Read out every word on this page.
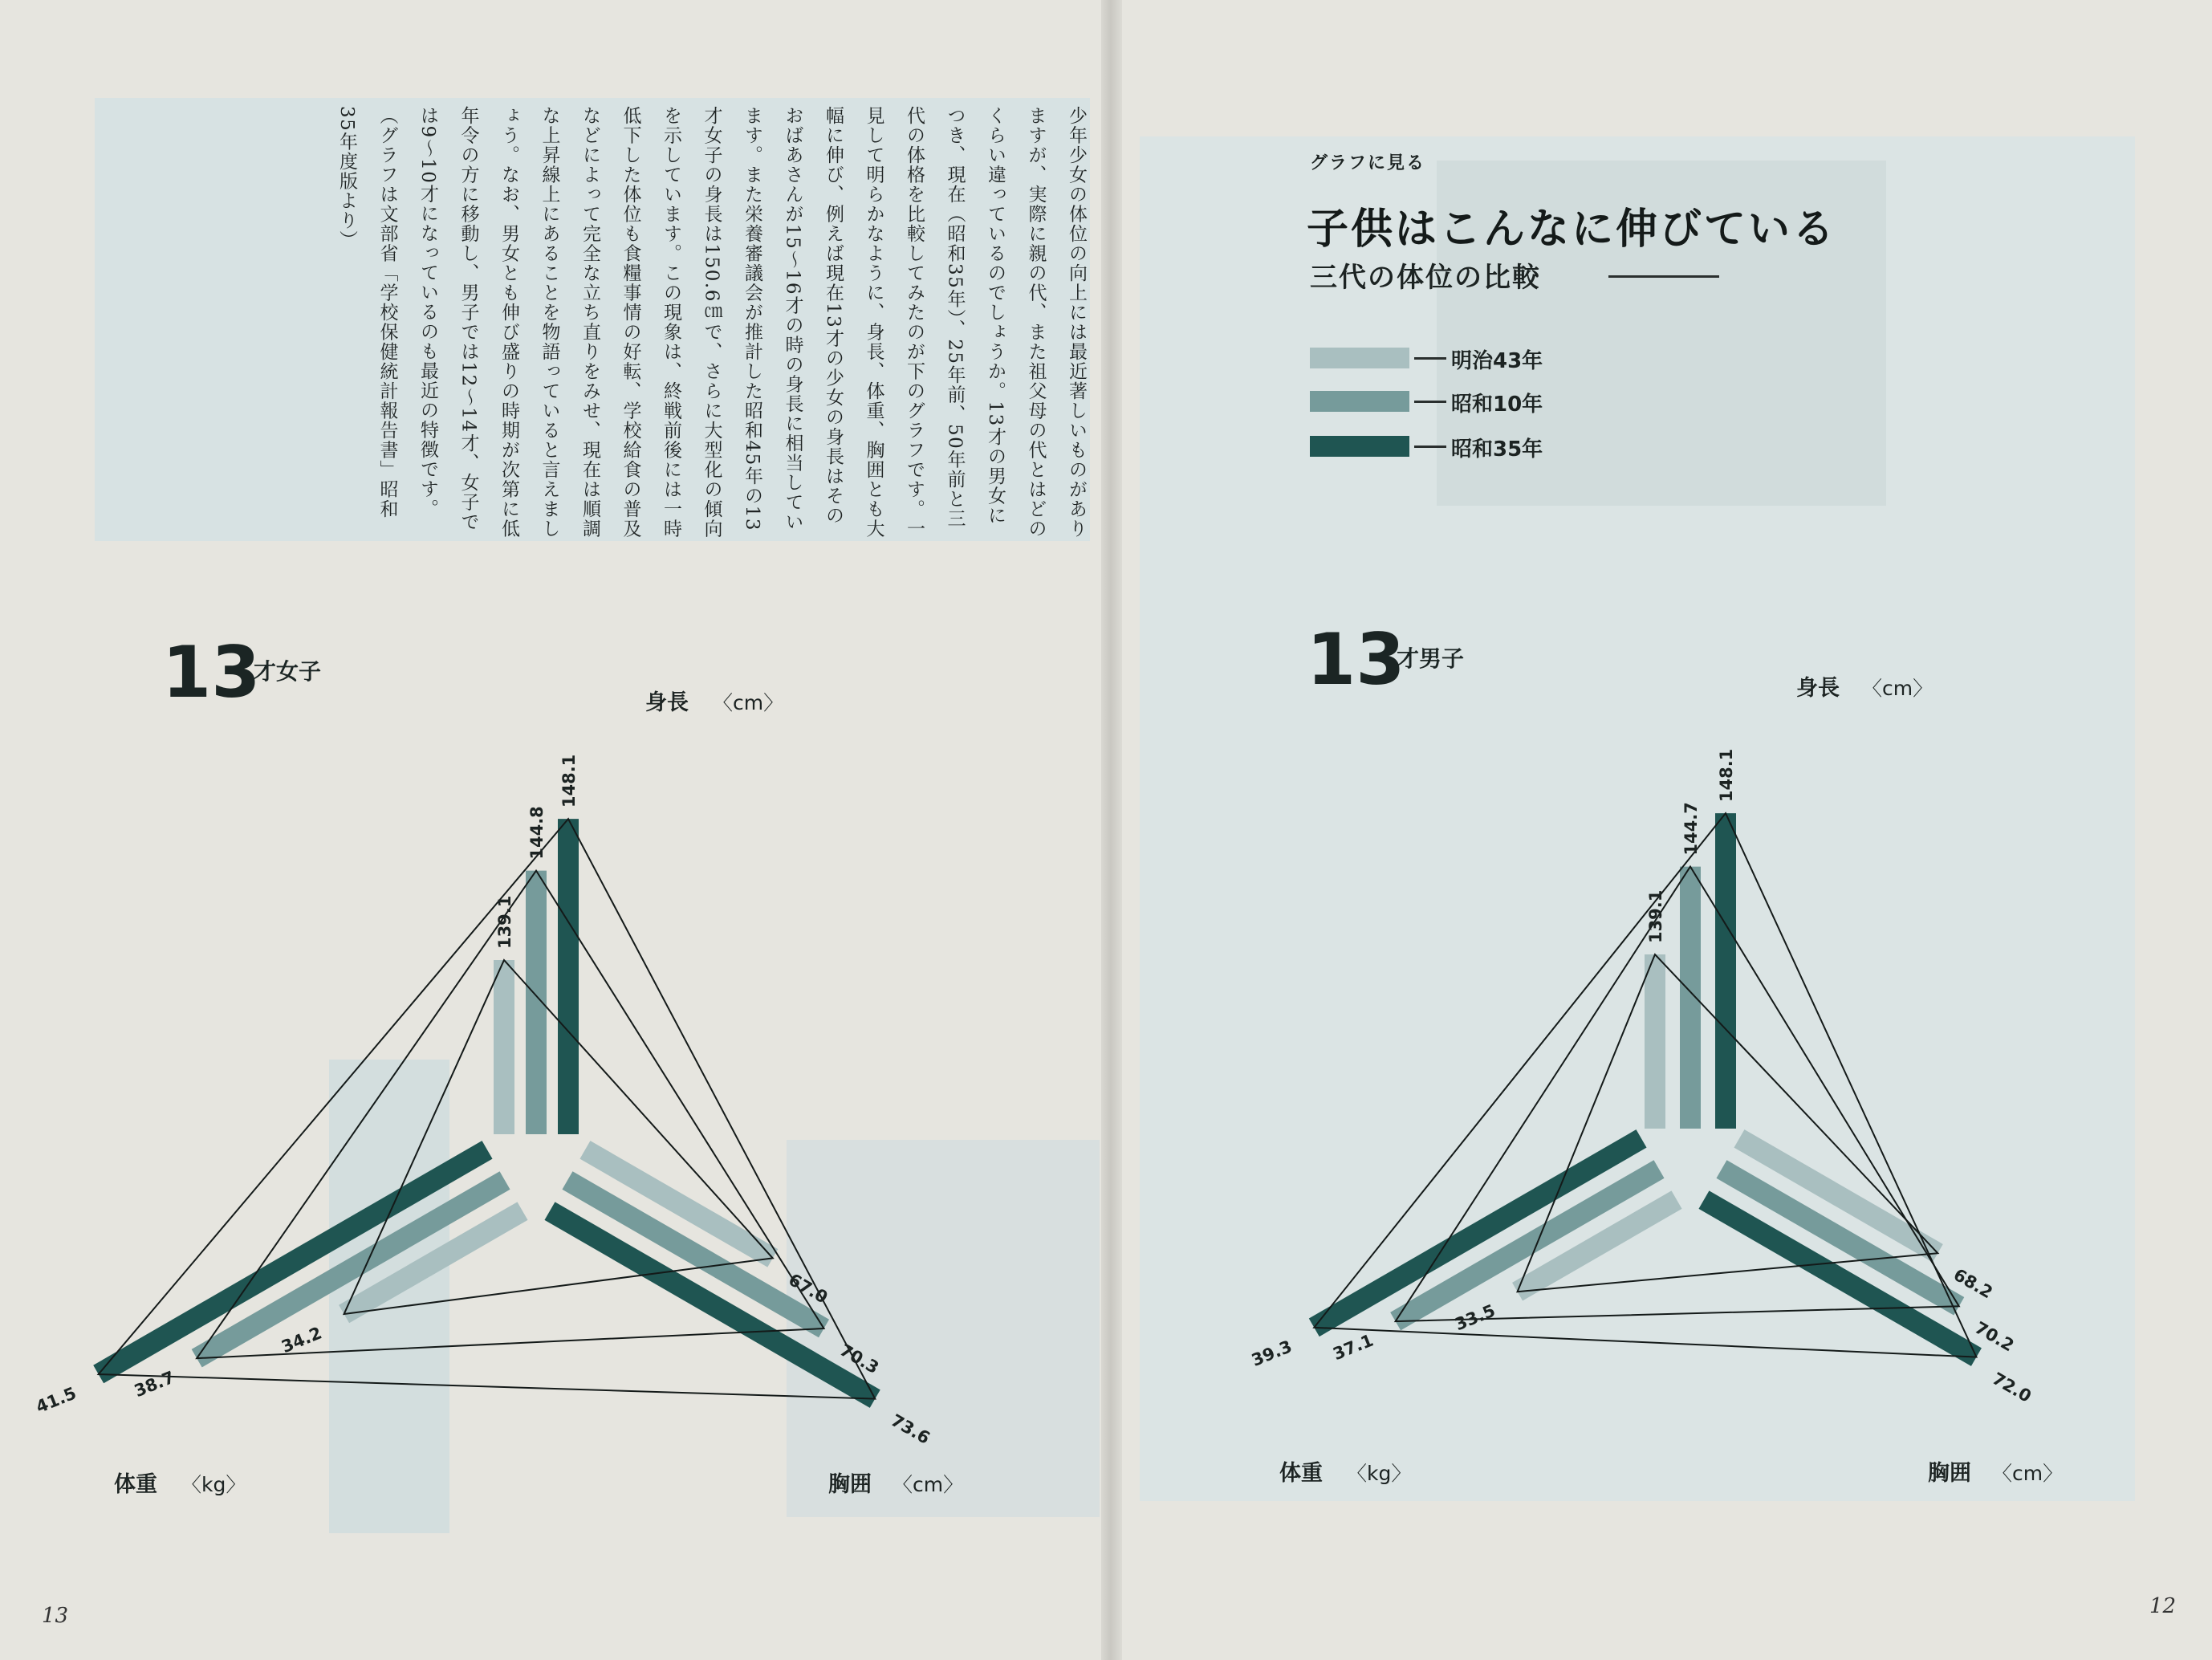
少年少女の体位の向上には最近著しいものがありますが、実際に親の代、また祖父母の代とはどのくらい違っているのでしょうか。13才の男女につき、現在（昭和35年）、25年前、50年前と三代の体格を比較してみたのが下のグラフです。一見して明らかなように、身長、体重、胸囲とも大幅に伸び、例えば現在13才の少女の身長はそのおばあさんが15～16才の時の身長に相当しています。また栄養審議会が推計した昭和45年の13才女子の身長は150.6㎝で、さらに大型化の傾向を示しています。この現象は、終戦前後には一時低下した体位も食糧事情の好転、学校給食の普及などによって完全な立ち直りをみせ、現在は順調な上昇線上にあることを物語っていると言えましょう。なお、男女とも伸び盛りの時期が次第に低年令の方に移動し、男子では12～14才、女子では9～10才になっているのも最近の特徴です。（グラフは文部省「学校保健統計報告書」昭和35年度版より）	グラフに見る
子供はこんなに伸びている
三代の体位の比較
明治43年
昭和10年
昭和35年
13
才女子
身長 〈cm〉
体重 〈kg〉	胸囲 〈cm〉
139.1
144.8
148.1
34.2
38.7
41.5
67.0
70.3
73.6
13
才男子
身長 〈cm〉
体重 〈kg〉	胸囲 〈cm〉
139.1
144.7
148.1
33.5
37.1
39.3
68.2
70.2
72.0
13	12
